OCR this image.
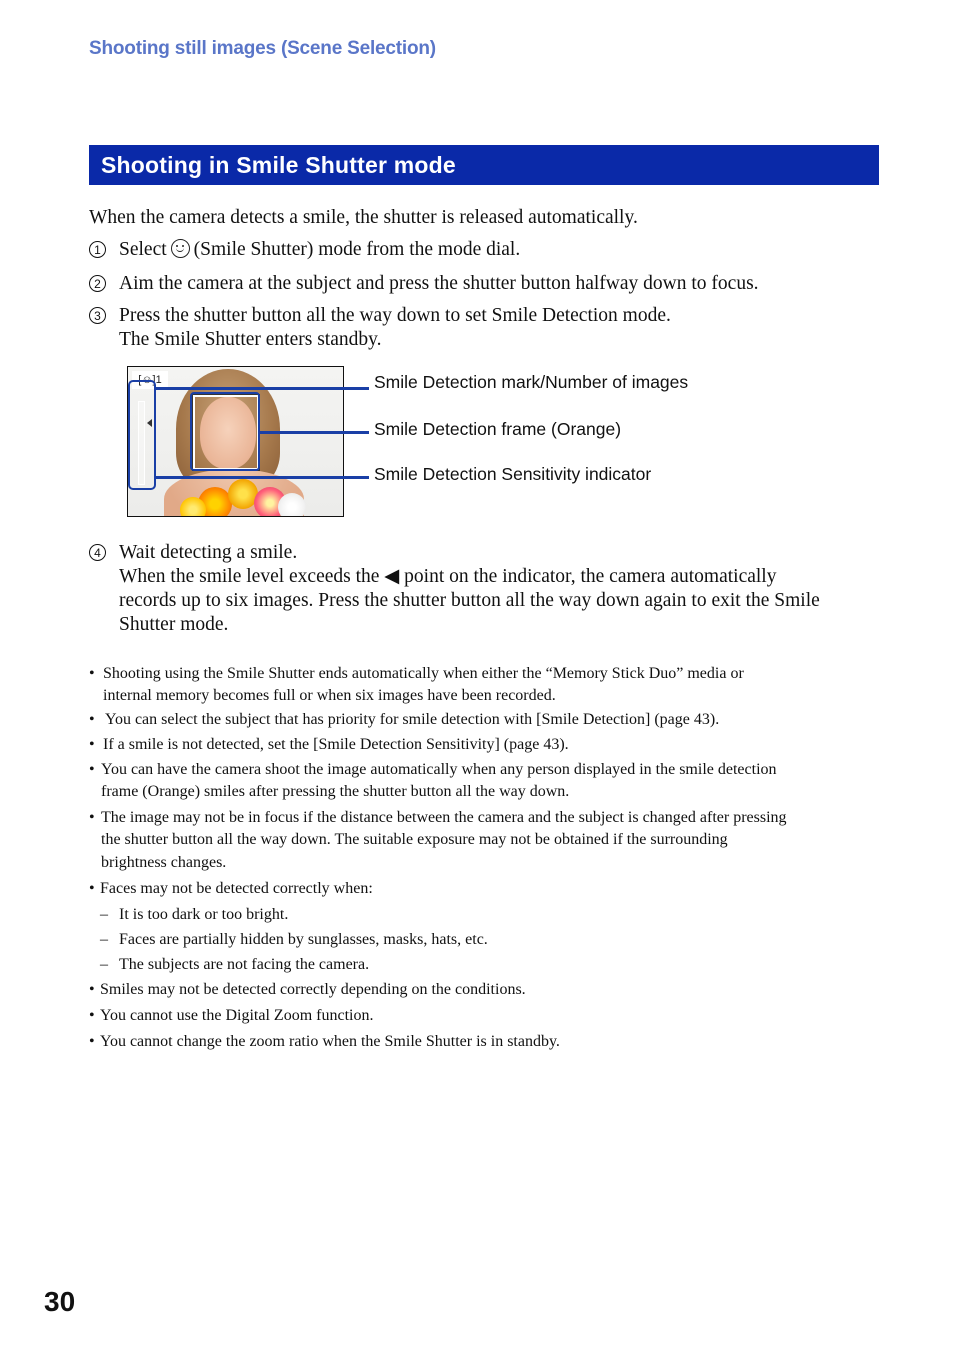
Shooting still images (Scene Selection)
Shooting in Smile Shutter mode
When the camera detects a smile, the shutter is released automatically.
1 Select (Smile Shutter) mode from the mode dial.
2 Aim the camera at the subject and press the shutter button halfway down to focus.
3 Press the shutter button all the way down to set Smile Detection mode.
The Smile Shutter enters standby.
[☺]1	Smile Detection mark/Number of images
Smile Detection frame (Orange)
Smile Detection Sensitivity indicator
4 Wait detecting a smile.
When the smile level exceeds the ◀ point on the indicator, the camera automatically
records up to six images. Press the shutter button all the way down again to exit the Smile
Shutter mode.
• Shooting using the Smile Shutter ends automatically when either the “Memory Stick Duo” media or
internal memory becomes full or when six images have been recorded.
• You can select the subject that has priority for smile detection with [Smile Detection] (page 43).
• If a smile is not detected, set the [Smile Detection Sensitivity] (page 43).
• You can have the camera shoot the image automatically when any person displayed in the smile detection
frame (Orange) smiles after pressing the shutter button all the way down.
• The image may not be in focus if the distance between the camera and the subject is changed after pressing
the shutter button all the way down. The suitable exposure may not be obtained if the surrounding
brightness changes.
• Faces may not be detected correctly when:
– It is too dark or too bright.
– Faces are partially hidden by sunglasses, masks, hats, etc.
– The subjects are not facing the camera.
• Smiles may not be detected correctly depending on the conditions.
• You cannot use the Digital Zoom function.
• You cannot change the zoom ratio when the Smile Shutter is in standby.
30
